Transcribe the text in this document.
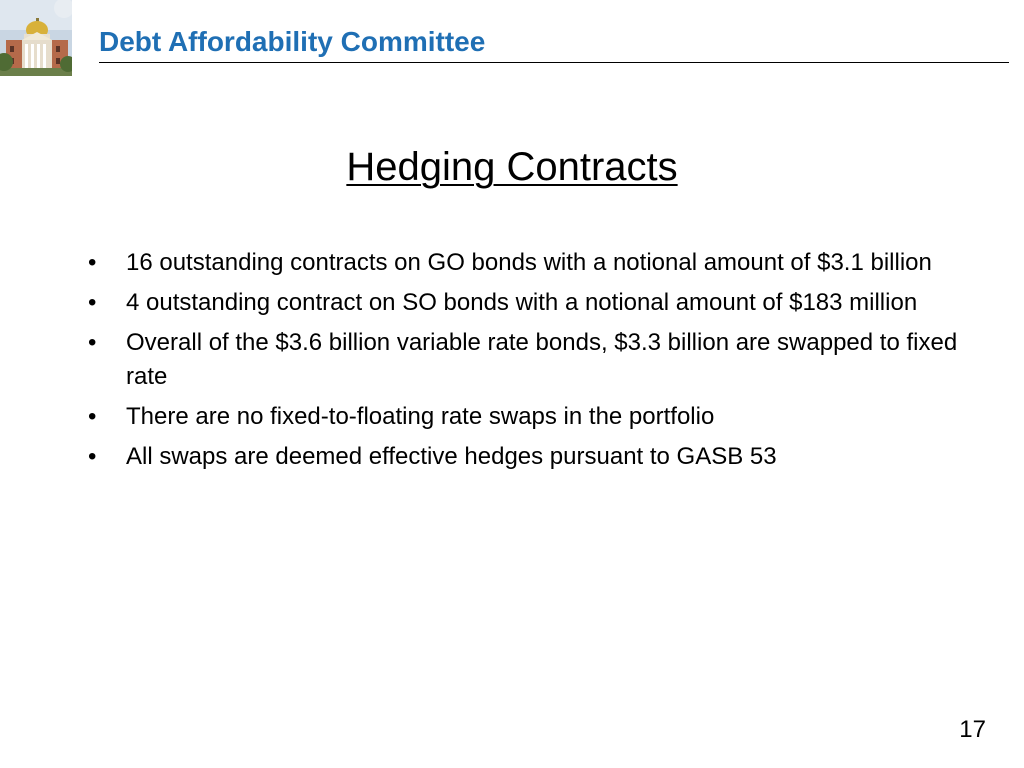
Debt Affordability Committee
Hedging Contracts
•	16 outstanding contracts on GO bonds with a notional amount of $3.1 billion
•	4 outstanding contract on SO bonds with a notional amount of $183 million
•	Overall of the $3.6 billion variable rate bonds, $3.3 billion are swapped to fixed rate
•	There are no fixed-to-floating rate swaps in the portfolio
•	All swaps are deemed effective hedges pursuant to GASB 53
17
